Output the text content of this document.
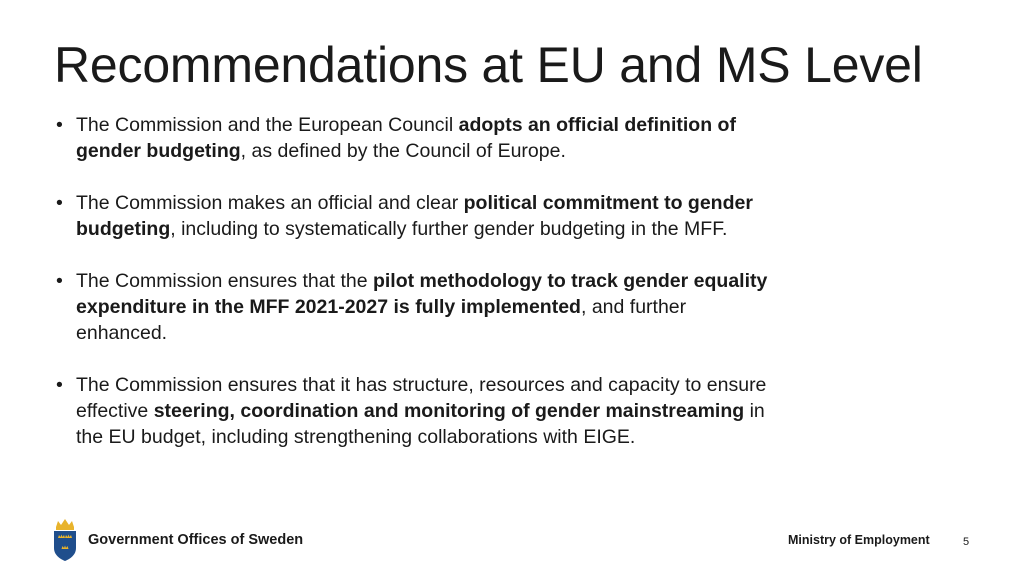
Recommendations at EU and MS Level
• The Commission and the European Council adopts an official definition of gender budgeting, as defined by the Council of Europe.
• The Commission makes an official and clear political commitment to gender budgeting, including to systematically further gender budgeting in the MFF.
• The Commission ensures that the pilot methodology to track gender equality expenditure in the MFF 2021-2027 is fully implemented, and further enhanced.
• The Commission ensures that it has structure, resources and capacity to ensure effective steering, coordination and monitoring of gender mainstreaming in the EU budget, including strengthening collaborations with EIGE.
Government Offices of Sweden	Ministry of Employment	5
